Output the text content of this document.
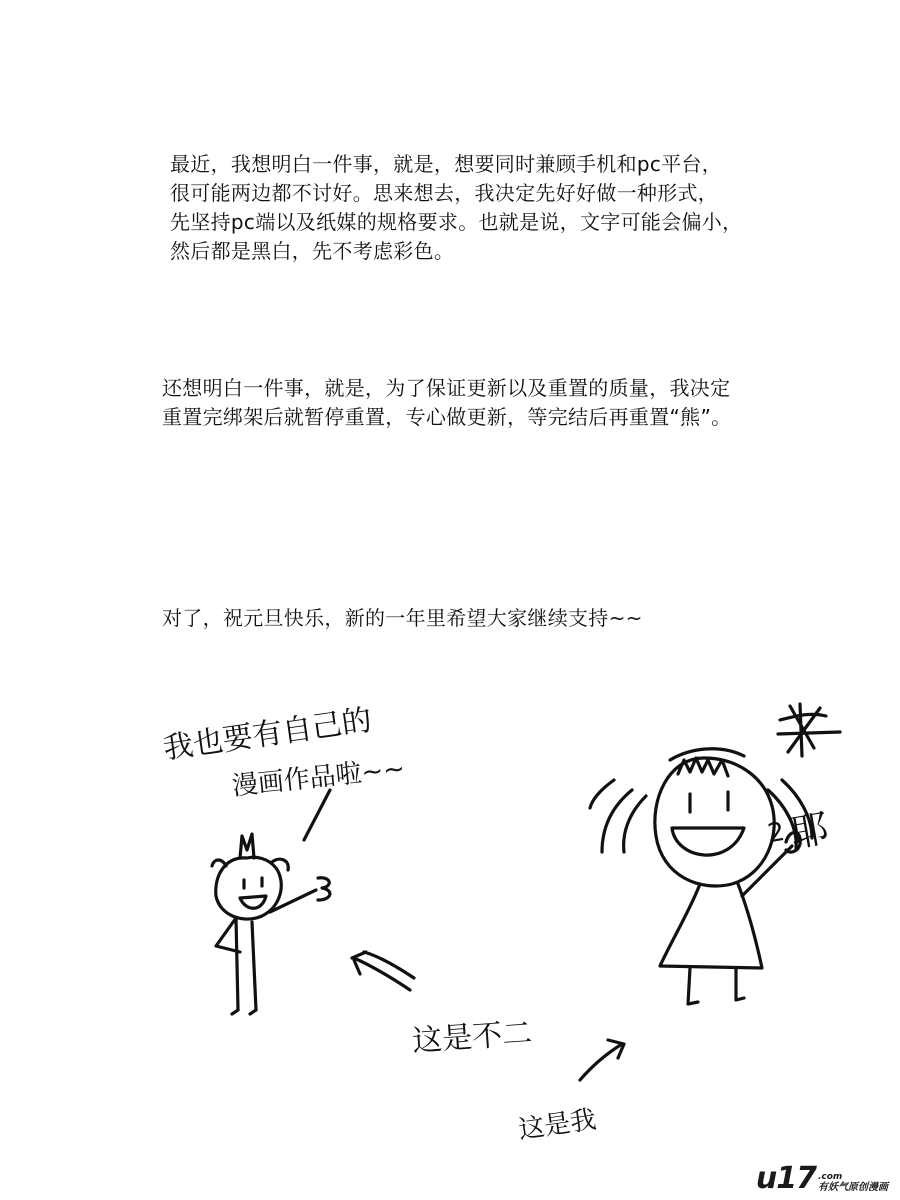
最近，我想明白一件事，就是，想要同时兼顾手机和pc平台，
很可能两边都不讨好。思来想去，我决定先好好做一种形式，
先坚持pc端以及纸媒的规格要求。也就是说，文字可能会偏小，
然后都是黑白，先不考虑彩色。
还想明白一件事，就是，为了保证更新以及重置的质量，我决定
重置完绑架后就暂停重置，专心做更新，等完结后再重置“熊”。
对了，祝元旦快乐，新的一年里希望大家继续支持~~
我也要有自己的
漫画作品啦~~
这是不二
这是我
2 耶
u17 .com
有妖气原创漫画
